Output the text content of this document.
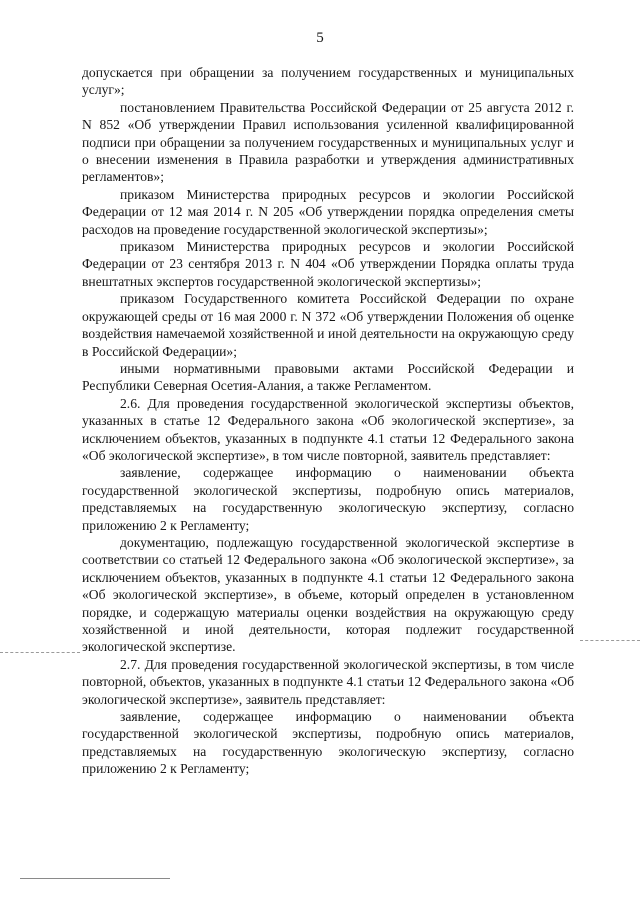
5

допускается при обращении за получением государственных и муниципальных услуг»;

постановлением Правительства Российской Федерации от 25 августа 2012 г. N 852 «Об утверждении Правил использования усиленной квалифицированной подписи при обращении за получением государственных и муниципальных услуг и о внесении изменения в Правила разработки и утверждения административных регламентов»;

приказом Министерства природных ресурсов и экологии Российской Федерации от 12 мая 2014 г. N 205 «Об утверждении порядка определения сметы расходов на проведение государственной экологической экспертизы»;

приказом Министерства природных ресурсов и экологии Российской Федерации от 23 сентября 2013 г. N 404 «Об утверждении Порядка оплаты труда внештатных экспертов государственной экологической экспертизы»;

приказом Государственного комитета Российской Федерации по охране окружающей среды от 16 мая 2000 г. N 372 «Об утверждении Положения об оценке воздействия намечаемой хозяйственной и иной деятельности на окружающую среду в Российской Федерации»;

иными нормативными правовыми актами Российской Федерации и Республики Северная Осетия-Алания, а также Регламентом.

2.6. Для проведения государственной экологической экспертизы объектов, указанных в статье 12 Федерального закона «Об экологической экспертизе», за исключением объектов, указанных в подпункте 4.1 статьи 12 Федерального закона «Об экологической экспертизе», в том числе повторной, заявитель представляет:

заявление, содержащее информацию о наименовании объекта государственной экологической экспертизы, подробную опись материалов, представляемых на государственную экологическую экспертизу, согласно приложению 2 к Регламенту;

документацию, подлежащую государственной экологической экспертизе в соответствии со статьей 12 Федерального закона «Об экологической экспертизе», за исключением объектов, указанных в подпункте 4.1 статьи 12 Федерального закона «Об экологической экспертизе», в объеме, который определен в установленном порядке, и содержащую материалы оценки воздействия на окружающую среду хозяйственной и иной деятельности, которая подлежит государственной экологической экспертизе.

2.7. Для проведения государственной экологической экспертизы, в том числе повторной, объектов, указанных в подпункте 4.1 статьи 12 Федерального закона «Об экологической экспертизе», заявитель представляет:

заявление, содержащее информацию о наименовании объекта государственной экологической экспертизы, подробную опись материалов, представляемых на государственную экологическую экспертизу, согласно приложению 2 к Регламенту;
